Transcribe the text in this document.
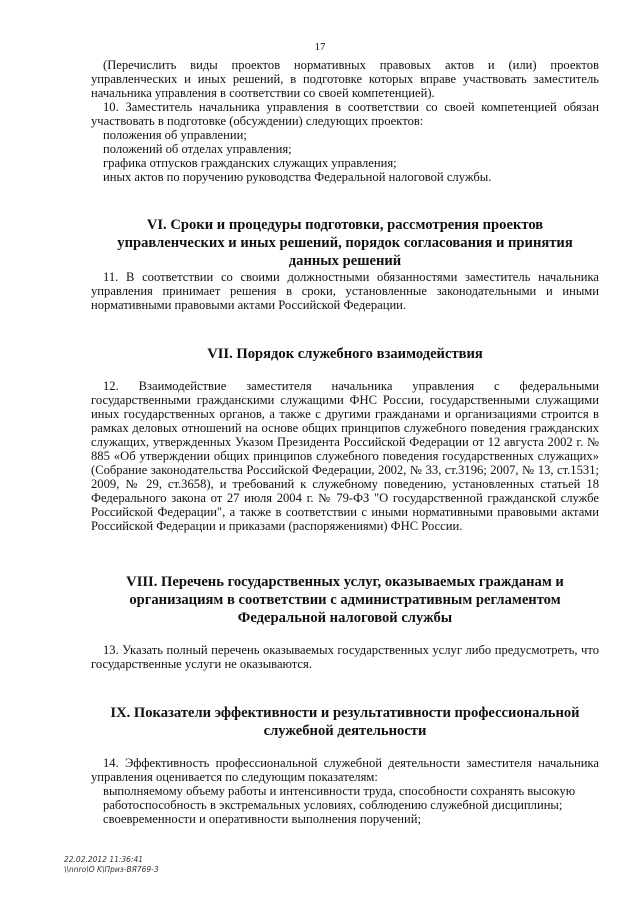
17

(Перечислить виды проектов нормативных правовых актов и (или) проектов управленческих и иных решений, в подготовке которых вправе участвовать заместитель начальника управления в соответствии со своей компетенцией).

10. Заместитель начальника управления в соответствии со своей компетенцией обязан участвовать в подготовке (обсуждении) следующих проектов:

положения об управлении;
положений об отделах управления;
графика отпусков гражданских служащих управления;
иных актов по поручению руководства Федеральной налоговой службы.
VI. Сроки и процедуры подготовки, рассмотрения проектов управленческих и иных решений, порядок согласования и принятия данных решений

11. В соответствии со своими должностными обязанностями заместитель начальника управления принимает решения в сроки, установленные законодательными и иными нормативными правовыми актами Российской Федерации.

VII. Порядок служебного взаимодействия

12. Взаимодействие заместителя начальника управления с федеральными государственными гражданскими служащими ФНС России, государственными служащими иных государственных органов, а также с другими гражданами и организациями строится в рамках деловых отношений на основе общих принципов служебного поведения гражданских служащих, утвержденных Указом Президента Российской Федерации от 12 августа 2002 г. № 885 «Об утверждении общих принципов служебного поведения государственных служащих» (Собрание законодательства Российской Федерации, 2002, № 33, ст.3196; 2007, № 13, ст.1531; 2009, № 29, ст.3658), и требований к служебному поведению, установленных статьей 18 Федерального закона от 27 июля 2004 г. № 79-ФЗ "О государственной гражданской службе Российской Федерации", а также в соответствии с иными нормативными правовыми актами Российской Федерации и приказами (распоряжениями) ФНС России.

VIII. Перечень государственных услуг, оказываемых гражданам и организациям в соответствии с административным регламентом Федеральной налоговой службы

13. Указать полный перечень оказываемых государственных услуг либо предусмотреть, что государственные услуги не оказываются.

IX. Показатели эффективности и результативности профессиональной служебной деятельности

14. Эффективность профессиональной служебной деятельности заместителя начальника управления оценивается по следующим показателям:

выполняемому объему работы и интенсивности труда, способности сохранять высокую работоспособность в экстремальных условиях, соблюдению служебной дисциплины;
своевременности и оперативности выполнения поручений;
22.02.2012 11:36:41
\\nnro\O K\Приз-ВЯ769-3
